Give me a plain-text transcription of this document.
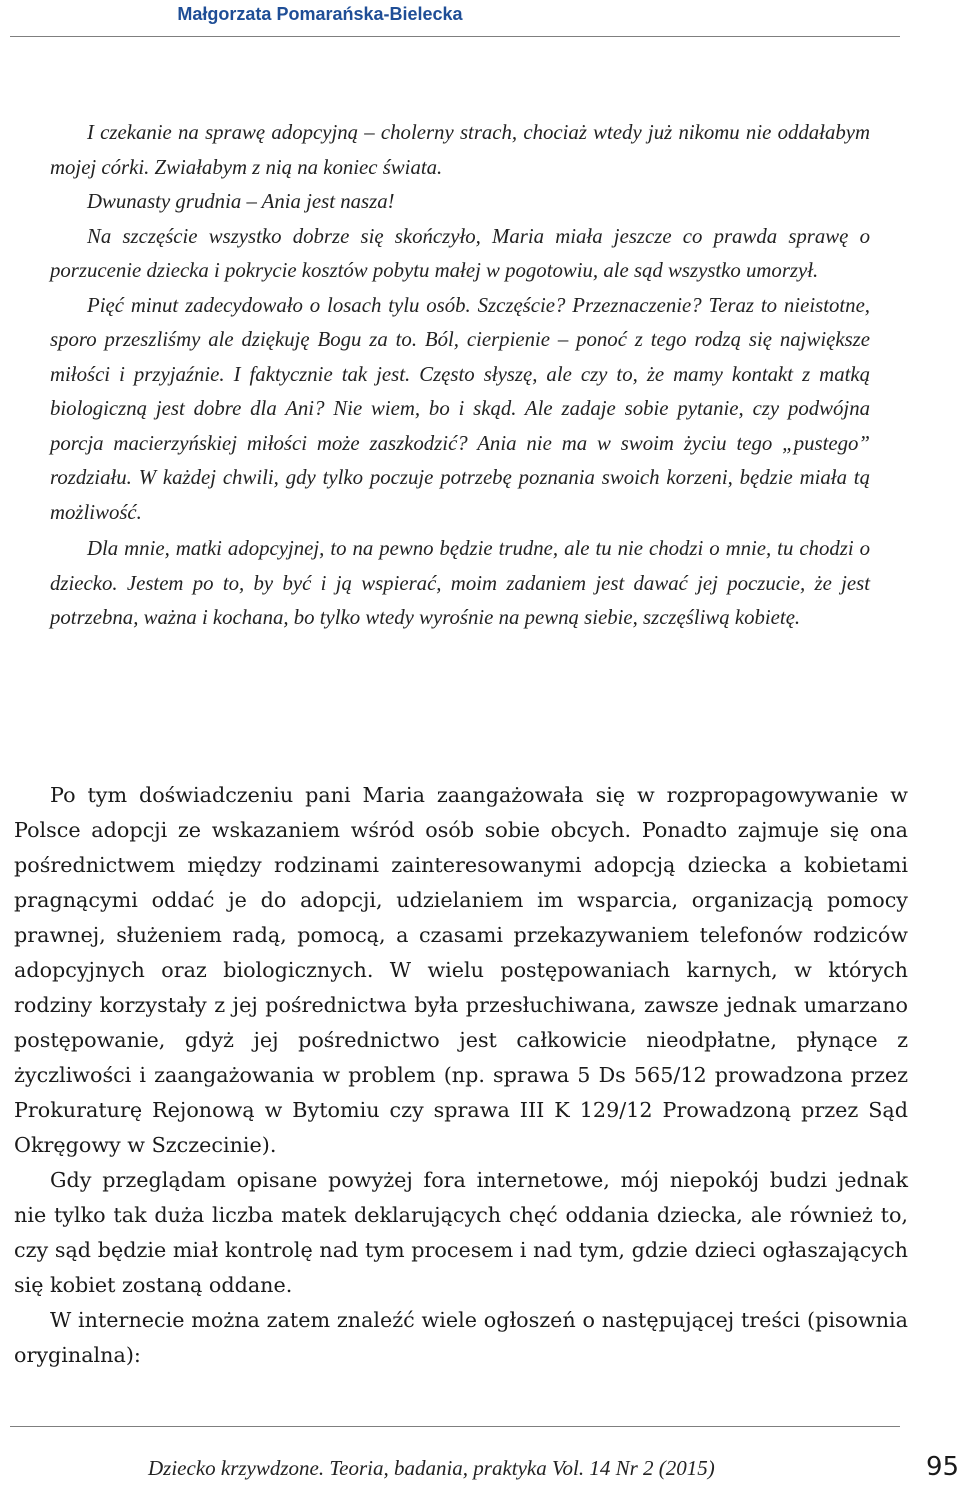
Małgorzata Pomarańska-Bielecka

I czekanie na sprawę adopcyjną – cholerny strach, chociaż wtedy już nikomu nie oddałabym mojej córki. Zwiałabym z nią na koniec świata.

Dwunasty grudnia – Ania jest nasza!

Na szczęście wszystko dobrze się skończyło, Maria miała jeszcze co prawda sprawę o porzucenie dziecka i pokrycie kosztów pobytu małej w pogotowiu, ale sąd wszystko umorzył.

Pięć minut zadecydowało o losach tylu osób. Szczęście? Przeznaczenie? Teraz to nieistotne, sporo przeszliśmy ale dziękuję Bogu za to. Ból, cierpienie – ponoć z tego rodzą się największe miłości i przyjaźnie. I faktycznie tak jest. Często słyszę, ale czy to, że mamy kontakt z matką biologiczną jest dobre dla Ani? Nie wiem, bo i skąd. Ale zadaje sobie pytanie, czy podwójna porcja macierzyńskiej miłości może zaszkodzić? Ania nie ma w swoim życiu tego „pustego” rozdziału. W każdej chwili, gdy tylko poczuje potrzebę poznania swoich korzeni, będzie miała tą możliwość.

Dla mnie, matki adopcyjnej, to na pewno będzie trudne, ale tu nie chodzi o mnie, tu chodzi o dziecko. Jestem po to, by być i ją wspierać, moim zadaniem jest dawać jej poczucie, że jest potrzebna, ważna i kochana, bo tylko wtedy wyrośnie na pewną siebie, szczęśliwą kobietę.

Po tym doświadczeniu pani Maria zaangażowała się w rozpropagowywanie w Polsce adopcji ze wskazaniem wśród osób sobie obcych. Ponadto zajmuje się ona pośrednictwem między rodzinami zainteresowanymi adopcją dziecka a kobietami pragnącymi oddać je do adopcji, udzielaniem im wsparcia, organizacją pomocy prawnej, służeniem radą, pomocą, a czasami przekazywaniem telefonów rodziców adopcyjnych oraz biologicznych. W wielu postępowaniach karnych, w których rodziny korzystały z jej pośrednictwa była przesłuchiwana, zawsze jednak umarzano postępowanie, gdyż jej pośrednictwo jest całkowicie nieodpłatne, płynące z życzliwości i zaangażowania w problem (np. sprawa 5 Ds 565/12 prowadzona przez Prokuraturę Rejonową w Bytomiu czy sprawa III K 129/12 Prowadzoną przez Sąd Okręgowy w Szczecinie).

Gdy przeglądam opisane powyżej fora internetowe, mój niepokój budzi jednak nie tylko tak duża liczba matek deklarujących chęć oddania dziecka, ale również to, czy sąd będzie miał kontrolę nad tym procesem i nad tym, gdzie dzieci ogłaszających się kobiet zostaną oddane.

W internecie można zatem znaleźć wiele ogłoszeń o następującej treści (pisownia oryginalna):

Dziecko krzywdzone. Teoria, badania, praktyka Vol. 14 Nr 2 (2015)	95
